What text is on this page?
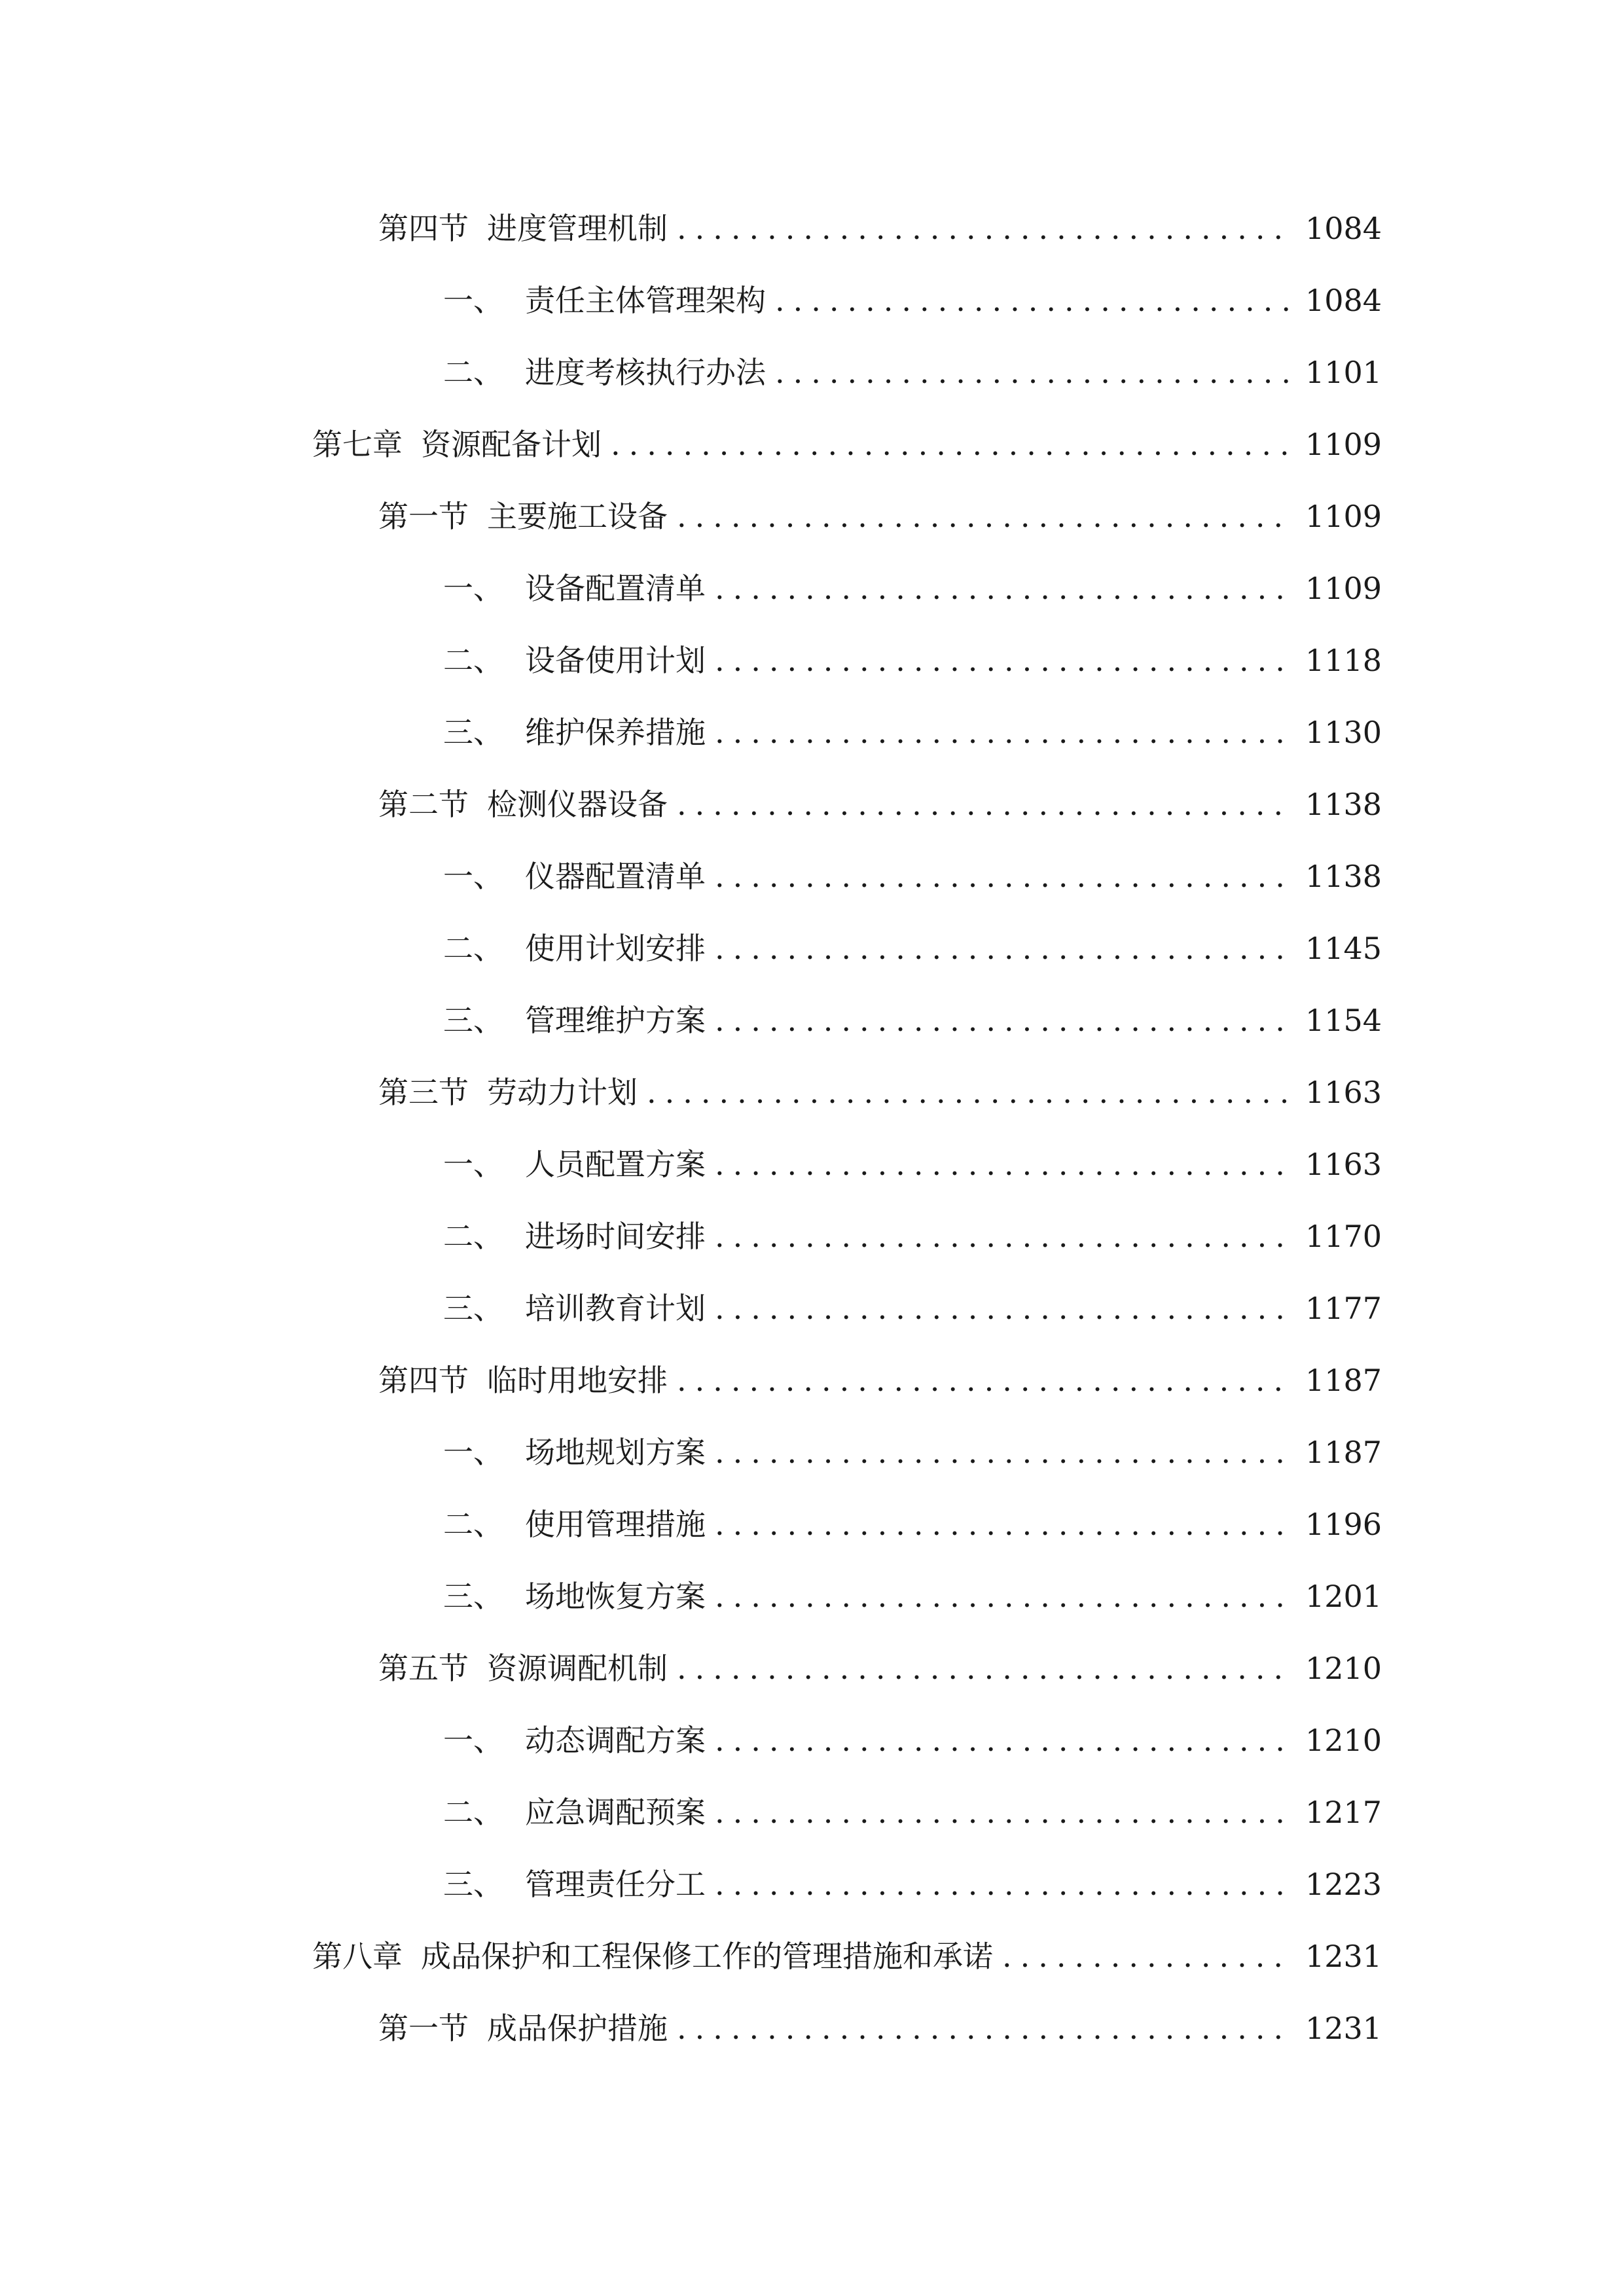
第四节 进度管理机制 .....	1084
一、 责任主体管理架构 .....	1084
二、 进度考核执行办法 .....	1101
第七章 资源配备计划 .....	1109
第一节 主要施工设备 .....	1109
一、 设备配置清单 .....	1109
二、 设备使用计划 .....	1118
三、 维护保养措施 .....	1130
第二节 检测仪器设备 .....	1138
一、 仪器配置清单 .....	1138
二、 使用计划安排 .....	1145
三、 管理维护方案 .....	1154
第三节 劳动力计划 .....	1163
一、 人员配置方案 .....	1163
二、 进场时间安排 .....	1170
三、 培训教育计划 .....	1177
第四节 临时用地安排 .....	1187
一、 场地规划方案 .....	1187
二、 使用管理措施 .....	1196
三、 场地恢复方案 .....	1201
第五节 资源调配机制 .....	1210
一、 动态调配方案 .....	1210
二、 应急调配预案 .....	1217
三、 管理责任分工 .....	1223
第八章 成品保护和工程保修工作的管理措施和承诺 .....	1231
第一节 成品保护措施 .....	1231
